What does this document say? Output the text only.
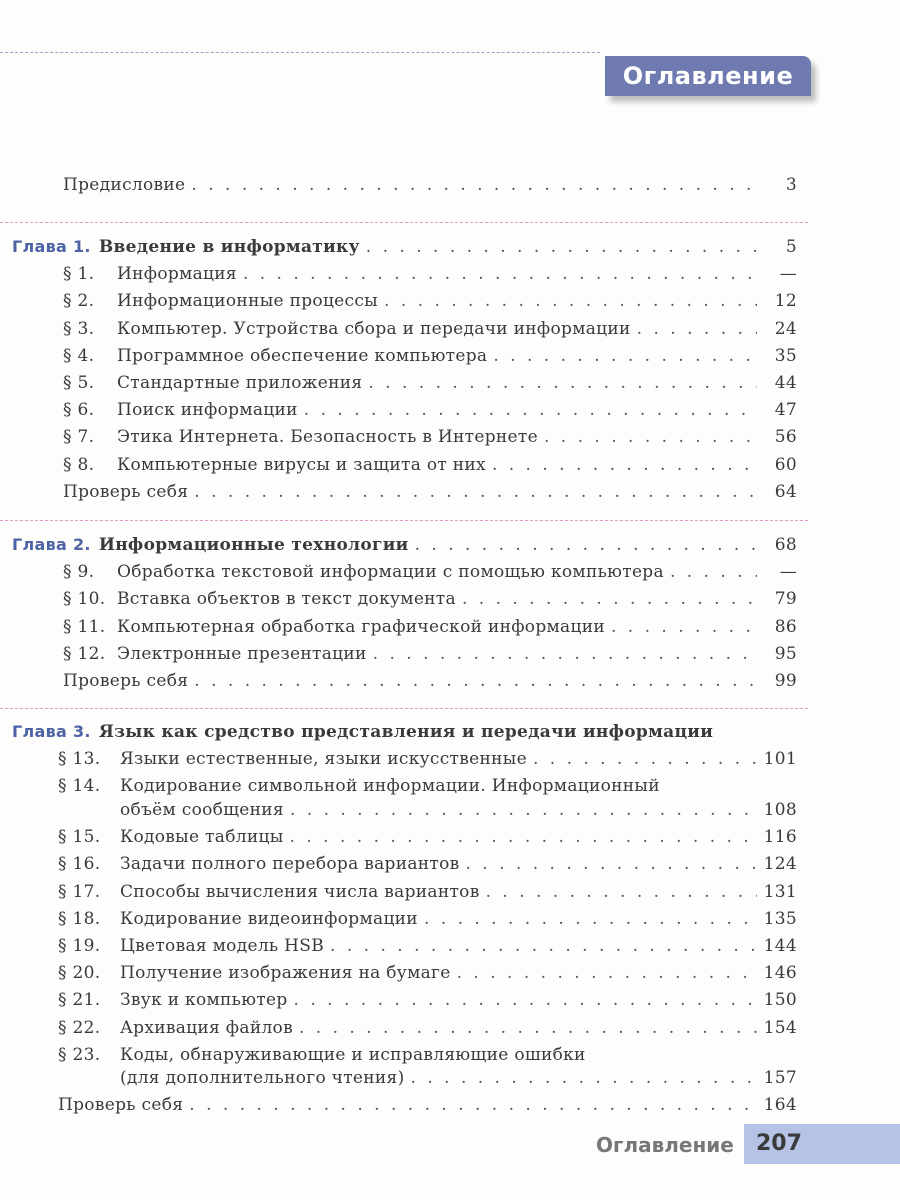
Оглавление
Предисловие . . .	3
Глава 1. Введение в информатику . . .	5
§ 1.	Информация . . .	—
§ 2.	Информационные процессы . . .	12
§ 3.	Компьютер. Устройства сбора и передачи информации . . .	24
§ 4.	Программное обеспечение компьютера . . .	35
§ 5.	Стандартные приложения . . .	44
§ 6.	Поиск информации . . .	47
§ 7.	Этика Интернета. Безопасность в Интернете . . .	56
§ 8.	Компьютерные вирусы и защита от них . . .	60
Проверь себя . . .	64
Глава 2. Информационные технологии . . .	68
§ 9.	Обработка текстовой информации с помощью компьютера . . .	—
§ 10. Вставка объектов в текст документа . . .	79
§ 11. Компьютерная обработка графической информации . . .	86
§ 12. Электронные презентации . . .	95
Проверь себя . . .	99
Глава 3. Язык как средство представления и передачи информации
§ 13.	Языки естественные, языки искусственные . . .	101
§ 14.	Кодирование символьной информации. Информационный
объём сообщения . . .	108
§ 15.	Кодовые таблицы . . .	116
§ 16.	Задачи полного перебора вариантов . . .	124
§ 17.	Способы вычисления числа вариантов . . .	131
§ 18.	Кодирование видеоинформации . . .	135
§ 19.	Цветовая модель HSB . . .	144
§ 20.	Получение изображения на бумаге . . .	146
§ 21.	Звук и компьютер . . .	150
§ 22.	Архивация файлов . . .	154
§ 23.	Коды, обнаруживающие и исправляющие ошибки
(для дополнительного чтения) . . .	157
Проверь себя . . .	164
Оглавление 207
